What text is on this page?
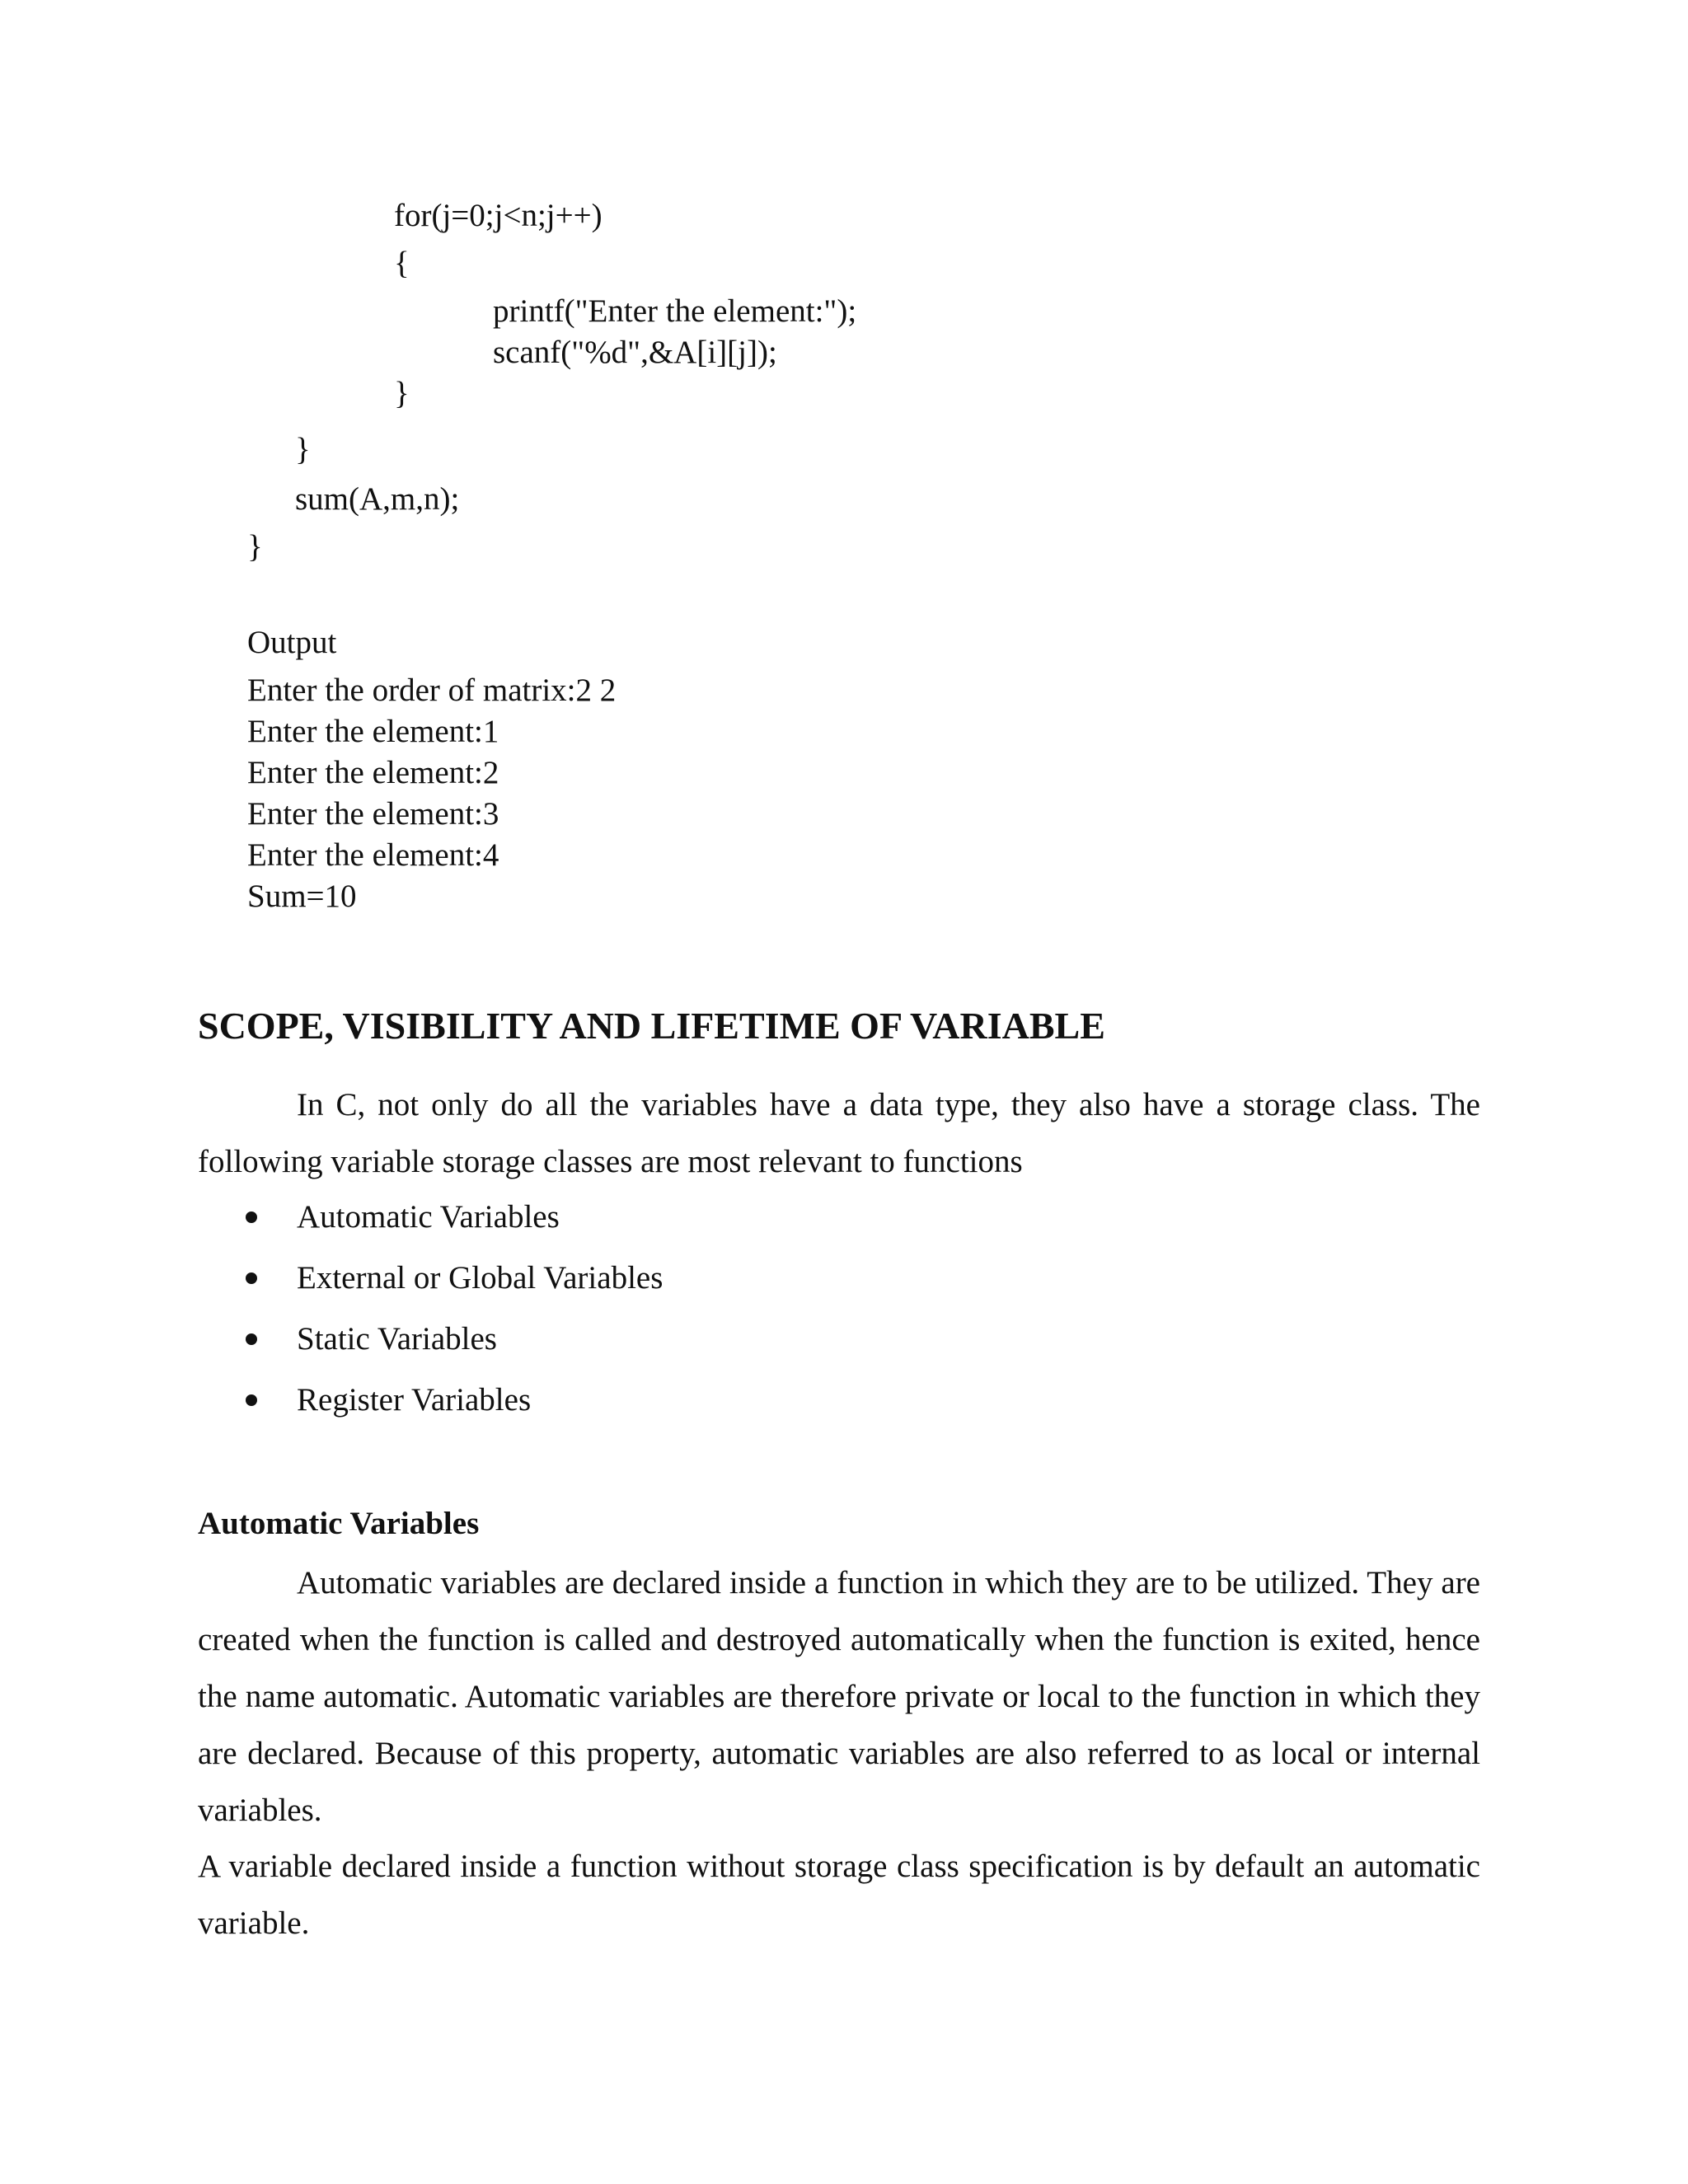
for(j=0;j<n;j++)
{
printf("Enter the element:");
scanf("%d",&A[i][j]);
}
}
sum(A,m,n);
}
Output
Enter the order of matrix:2 2
Enter the element:1
Enter the element:2
Enter the element:3
Enter the element:4
Sum=10
SCOPE, VISIBILITY AND LIFETIME OF VARIABLE

In C, not only do all the variables have a data type, they also have a storage class. The following variable storage classes are most relevant to functions

Automatic Variables
External or Global Variables
Static Variables
Register Variables
Automatic Variables

Automatic variables are declared inside a function in which they are to be utilized. They are created when the function is called and destroyed automatically when the function is exited, hence the name automatic. Automatic variables are therefore private or local to the function in which they are declared. Because of this property, automatic variables are also referred to as local or internal variables.

A variable declared inside a function without storage class specification is by default an automatic variable.
